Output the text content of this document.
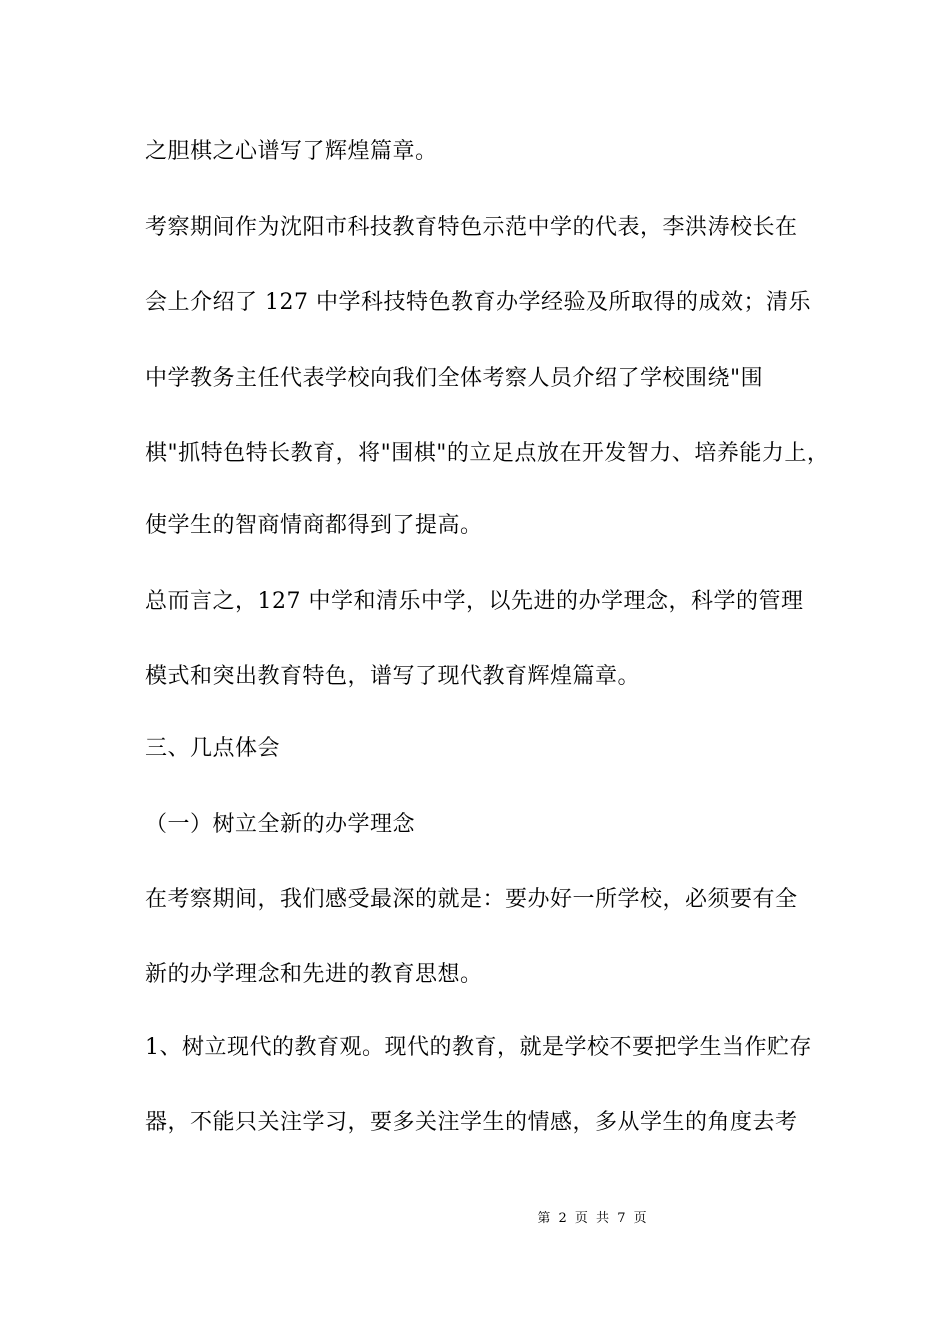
之胆棋之心谱写了辉煌篇章。
考察期间作为沈阳市科技教育特色示范中学的代表，李洪涛校长在
会上介绍了 127 中学科技特色教育办学经验及所取得的成效；清乐
中学教务主任代表学校向我们全体考察人员介绍了学校围绕"围
棋"抓特色特长教育，将"围棋"的立足点放在开发智力、培养能力上，
使学生的智商情商都得到了提高。
总而言之，127 中学和清乐中学，以先进的办学理念，科学的管理
模式和突出教育特色，谱写了现代教育辉煌篇章。
三、几点体会
（一）树立全新的办学理念
在考察期间，我们感受最深的就是：要办好一所学校，必须要有全
新的办学理念和先进的教育思想。
1、树立现代的教育观。现代的教育，就是学校不要把学生当作贮存
器，不能只关注学习，要多关注学生的情感，多从学生的角度去考
第 2 页 共 7 页
